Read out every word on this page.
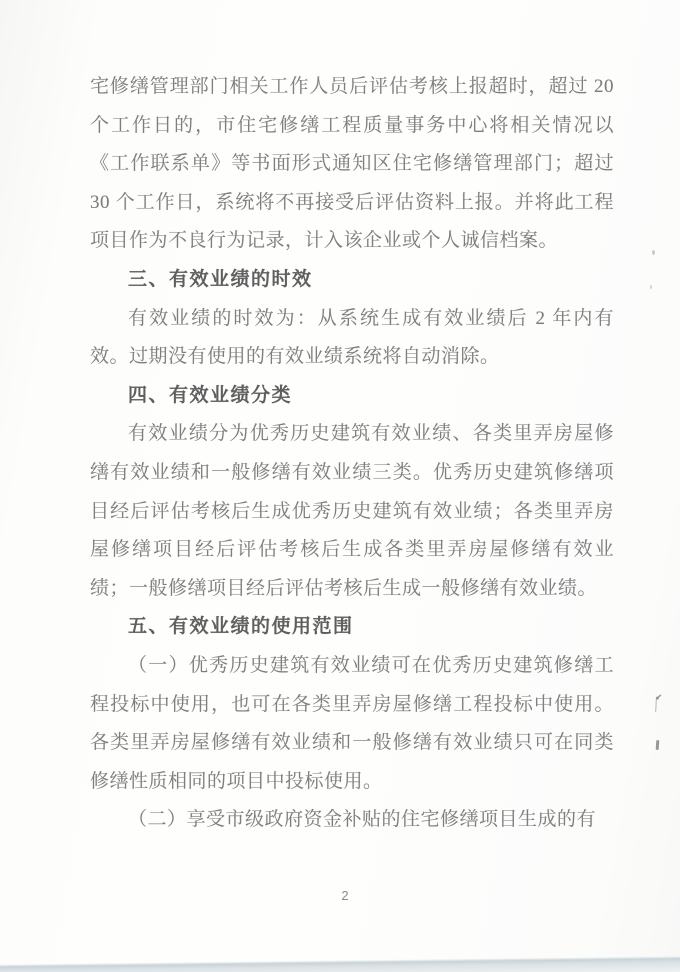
宅修缮管理部门相关工作人员后评估考核上报超时，超过 20 个工作日的，市住宅修缮工程质量事务中心将相关情况以《工作联系单》等书面形式通知区住宅修缮管理部门；超过 30 个工作日，系统将不再接受后评估资料上报。并将此工程项目作为不良行为记录，计入该企业或个人诚信档案。

三、有效业绩的时效

有效业绩的时效为：从系统生成有效业绩后 2 年内有效。过期没有使用的有效业绩系统将自动消除。

四、有效业绩分类

有效业绩分为优秀历史建筑有效业绩、各类里弄房屋修缮有效业绩和一般修缮有效业绩三类。优秀历史建筑修缮项目经后评估考核后生成优秀历史建筑有效业绩；各类里弄房屋修缮项目经后评估考核后生成各类里弄房屋修缮有效业绩；一般修缮项目经后评估考核后生成一般修缮有效业绩。

五、有效业绩的使用范围

（一）优秀历史建筑有效业绩可在优秀历史建筑修缮工程投标中使用，也可在各类里弄房屋修缮工程投标中使用。各类里弄房屋修缮有效业绩和一般修缮有效业绩只可在同类修缮性质相同的项目中投标使用。

（二）享受市级政府资金补贴的住宅修缮项目生成的有

2
